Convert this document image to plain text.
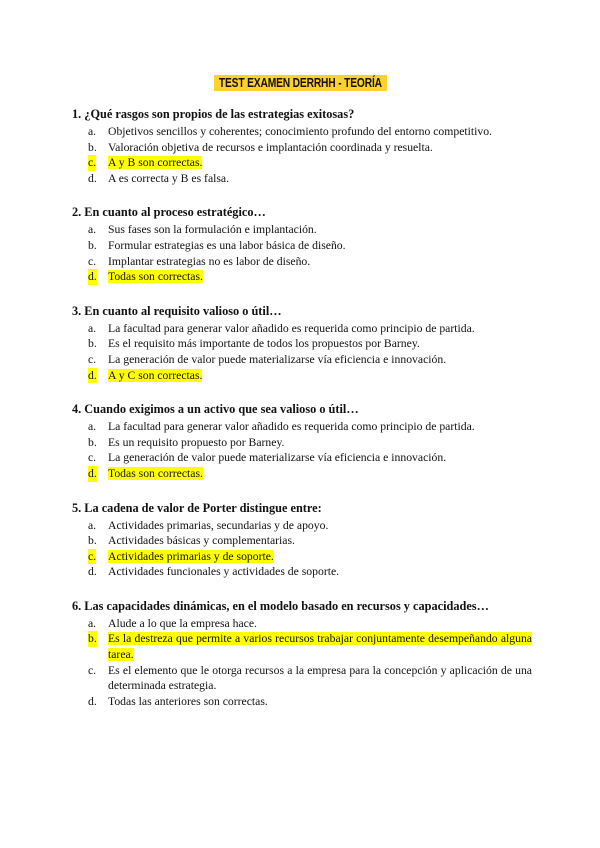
TEST EXAMEN DERRHH - TEORÍA
1. ¿Qué rasgos son propios de las estrategias exitosas?
a. Objetivos sencillos y coherentes; conocimiento profundo del entorno competitivo.
b. Valoración objetiva de recursos e implantación coordinada y resuelta.
c. A y B son correctas.
d. A es correcta y B es falsa.
2. En cuanto al proceso estratégico…
a. Sus fases son la formulación e implantación.
b. Formular estrategias es una labor básica de diseño.
c. Implantar estrategias no es labor de diseño.
d. Todas son correctas.
3. En cuanto al requisito valioso o útil…
a. La facultad para generar valor añadido es requerida como principio de partida.
b. Es el requisito más importante de todos los propuestos por Barney.
c. La generación de valor puede materializarse vía eficiencia e innovación.
d. A y C son correctas.
4. Cuando exigimos a un activo que sea valioso o útil…
a. La facultad para generar valor añadido es requerida como principio de partida.
b. Es un requisito propuesto por Barney.
c. La generación de valor puede materializarse vía eficiencia e innovación.
d. Todas son correctas.
5. La cadena de valor de Porter distingue entre:
a. Actividades primarias, secundarias y de apoyo.
b. Actividades básicas y complementarias.
c. Actividades primarias y de soporte.
d. Actividades funcionales y actividades de soporte.
6. Las capacidades dinámicas, en el modelo basado en recursos y capacidades…
a. Alude a lo que la empresa hace.
b. Es la destreza que permite a varios recursos trabajar conjuntamente desempeñando alguna tarea.
c. Es el elemento que le otorga recursos a la empresa para la concepción y aplicación de una determinada estrategia.
d. Todas las anteriores son correctas.
